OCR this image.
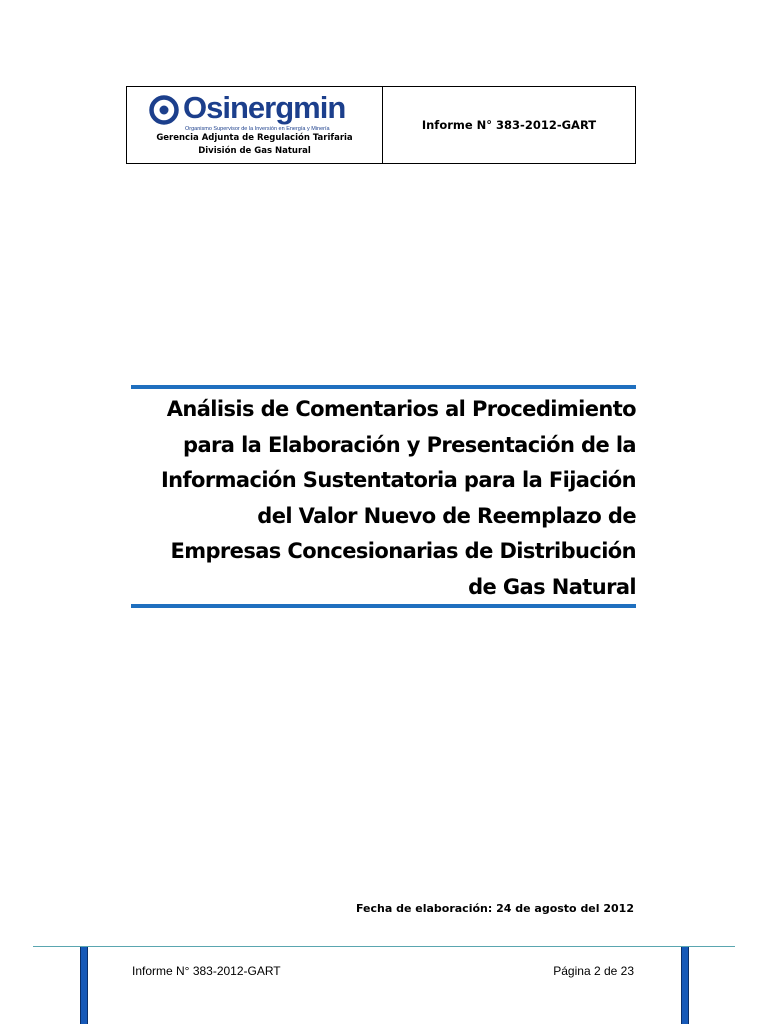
Osinergmin
Organismo Supervisor de la Inversión en Energía y Minería
Gerencia Adjunta de Regulación Tarifaria
División de Gas Natural
Informe N° 383-2012-GART
Análisis de Comentarios al Procedimiento
para la Elaboración y Presentación de la
Información Sustentatoria para la Fijación
del Valor Nuevo de Reemplazo de
Empresas Concesionarias de Distribución
de Gas Natural
Fecha de elaboración: 24 de agosto del 2012
Informe N° 383-2012-GART	Página 2 de 23
